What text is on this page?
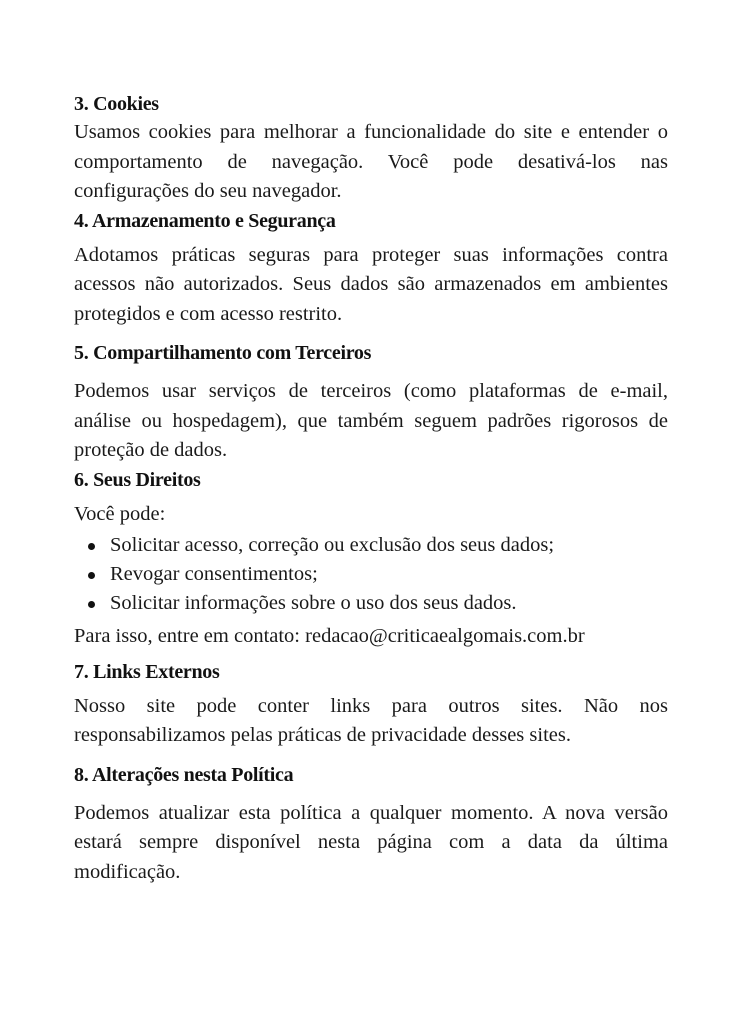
3. Cookies

Usamos cookies para melhorar a funcionalidade do site e entender o comportamento de navegação. Você pode desativá-los nas configurações do seu navegador.

4. Armazenamento e Segurança

Adotamos práticas seguras para proteger suas informações contra acessos não autorizados. Seus dados são armazenados em ambientes protegidos e com acesso restrito.

5. Compartilhamento com Terceiros

Podemos usar serviços de terceiros (como plataformas de e-mail, análise ou hospedagem), que também seguem padrões rigorosos de proteção de dados.

6. Seus Direitos

Você pode:

Solicitar acesso, correção ou exclusão dos seus dados;
Revogar consentimentos;
Solicitar informações sobre o uso dos seus dados.

Para isso, entre em contato: redacao@criticaealgomais.com.br

7. Links Externos

Nosso site pode conter links para outros sites. Não nos responsabilizamos pelas práticas de privacidade desses sites.

8. Alterações nesta Política

Podemos atualizar esta política a qualquer momento. A nova versão estará sempre disponível nesta página com a data da última modificação.
